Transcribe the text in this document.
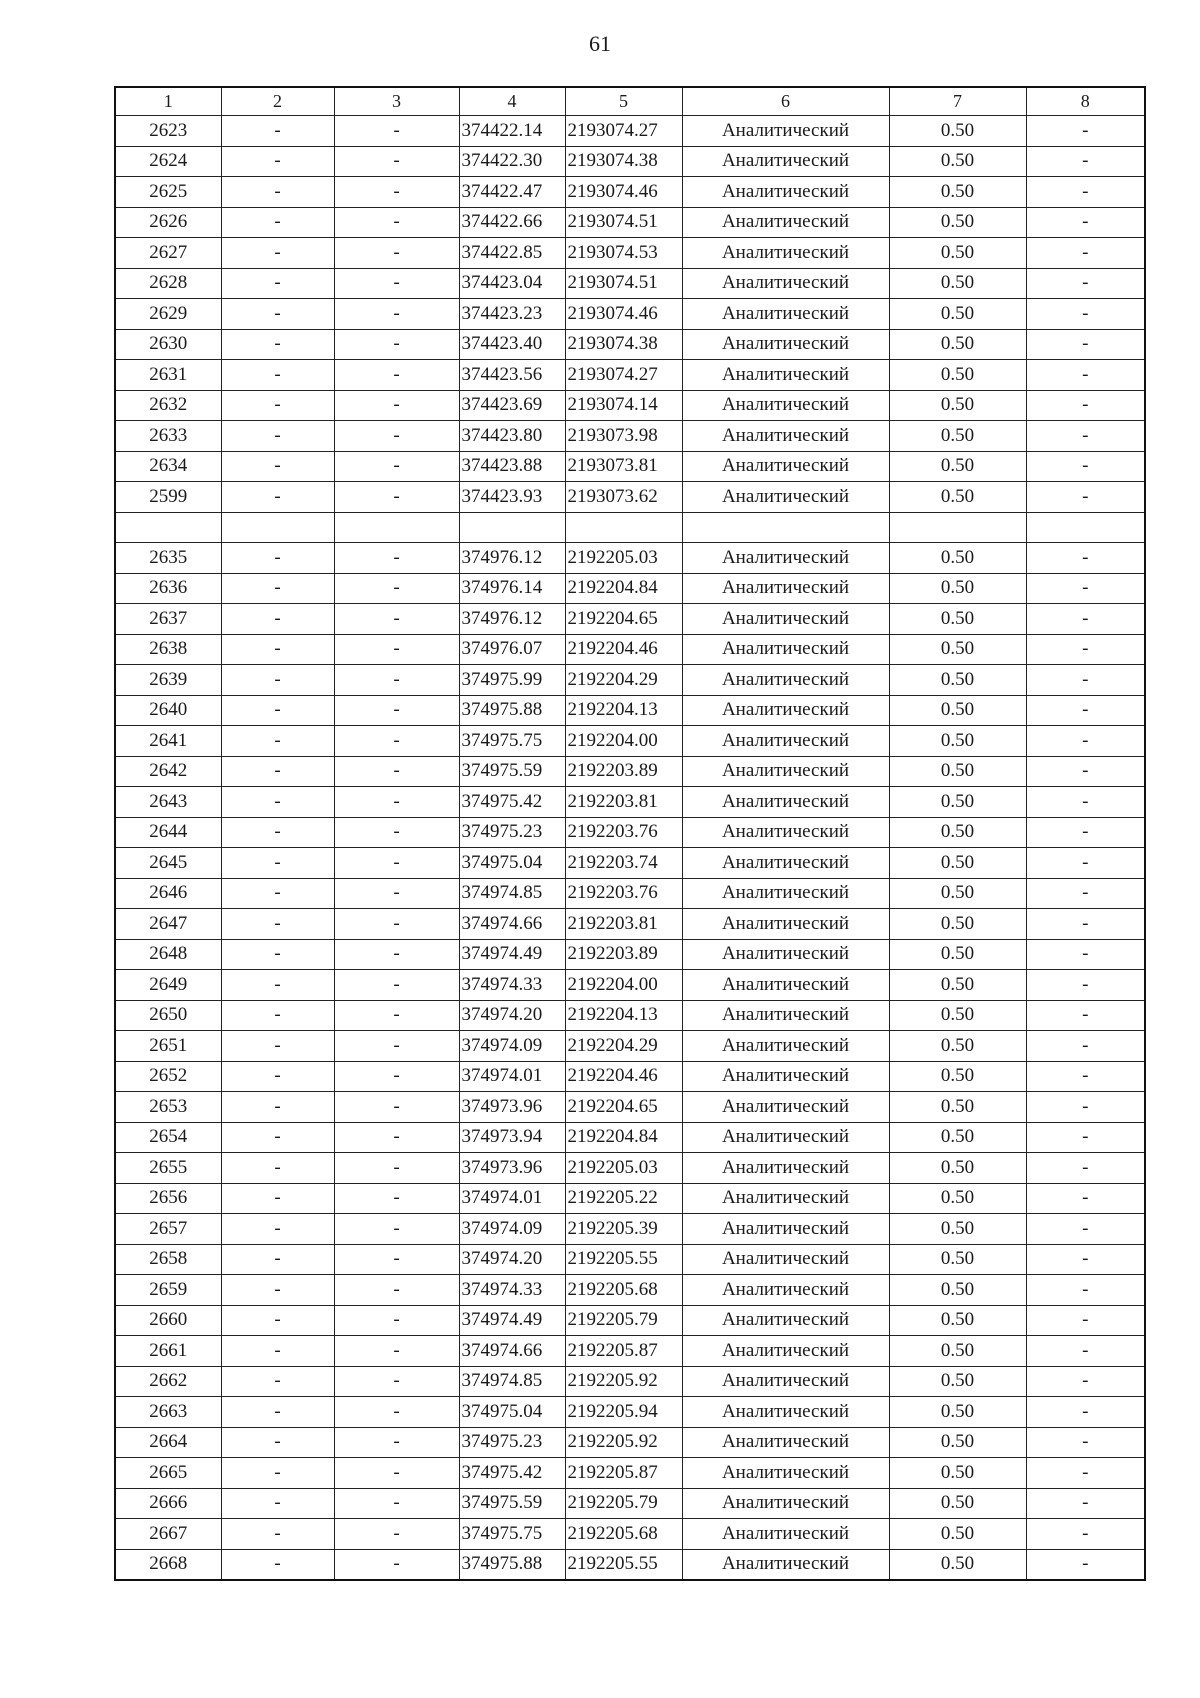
61
1	2	3	4	5	6	7	8
2623	-	-	374422.14	2193074.27	Аналитический	0.50	-
2624	-	-	374422.30	2193074.38	Аналитический	0.50	-
2625	-	-	374422.47	2193074.46	Аналитический	0.50	-
2626	-	-	374422.66	2193074.51	Аналитический	0.50	-
2627	-	-	374422.85	2193074.53	Аналитический	0.50	-
2628	-	-	374423.04	2193074.51	Аналитический	0.50	-
2629	-	-	374423.23	2193074.46	Аналитический	0.50	-
2630	-	-	374423.40	2193074.38	Аналитический	0.50	-
2631	-	-	374423.56	2193074.27	Аналитический	0.50	-
2632	-	-	374423.69	2193074.14	Аналитический	0.50	-
2633	-	-	374423.80	2193073.98	Аналитический	0.50	-
2634	-	-	374423.88	2193073.81	Аналитический	0.50	-
2599	-	-	374423.93	2193073.62	Аналитический	0.50	-

2635	-	-	374976.12	2192205.03	Аналитический	0.50	-
2636	-	-	374976.14	2192204.84	Аналитический	0.50	-
2637	-	-	374976.12	2192204.65	Аналитический	0.50	-
2638	-	-	374976.07	2192204.46	Аналитический	0.50	-
2639	-	-	374975.99	2192204.29	Аналитический	0.50	-
2640	-	-	374975.88	2192204.13	Аналитический	0.50	-
2641	-	-	374975.75	2192204.00	Аналитический	0.50	-
2642	-	-	374975.59	2192203.89	Аналитический	0.50	-
2643	-	-	374975.42	2192203.81	Аналитический	0.50	-
2644	-	-	374975.23	2192203.76	Аналитический	0.50	-
2645	-	-	374975.04	2192203.74	Аналитический	0.50	-
2646	-	-	374974.85	2192203.76	Аналитический	0.50	-
2647	-	-	374974.66	2192203.81	Аналитический	0.50	-
2648	-	-	374974.49	2192203.89	Аналитический	0.50	-
2649	-	-	374974.33	2192204.00	Аналитический	0.50	-
2650	-	-	374974.20	2192204.13	Аналитический	0.50	-
2651	-	-	374974.09	2192204.29	Аналитический	0.50	-
2652	-	-	374974.01	2192204.46	Аналитический	0.50	-
2653	-	-	374973.96	2192204.65	Аналитический	0.50	-
2654	-	-	374973.94	2192204.84	Аналитический	0.50	-
2655	-	-	374973.96	2192205.03	Аналитический	0.50	-
2656	-	-	374974.01	2192205.22	Аналитический	0.50	-
2657	-	-	374974.09	2192205.39	Аналитический	0.50	-
2658	-	-	374974.20	2192205.55	Аналитический	0.50	-
2659	-	-	374974.33	2192205.68	Аналитический	0.50	-
2660	-	-	374974.49	2192205.79	Аналитический	0.50	-
2661	-	-	374974.66	2192205.87	Аналитический	0.50	-
2662	-	-	374974.85	2192205.92	Аналитический	0.50	-
2663	-	-	374975.04	2192205.94	Аналитический	0.50	-
2664	-	-	374975.23	2192205.92	Аналитический	0.50	-
2665	-	-	374975.42	2192205.87	Аналитический	0.50	-
2666	-	-	374975.59	2192205.79	Аналитический	0.50	-
2667	-	-	374975.75	2192205.68	Аналитический	0.50	-
2668	-	-	374975.88	2192205.55	Аналитический	0.50	-
